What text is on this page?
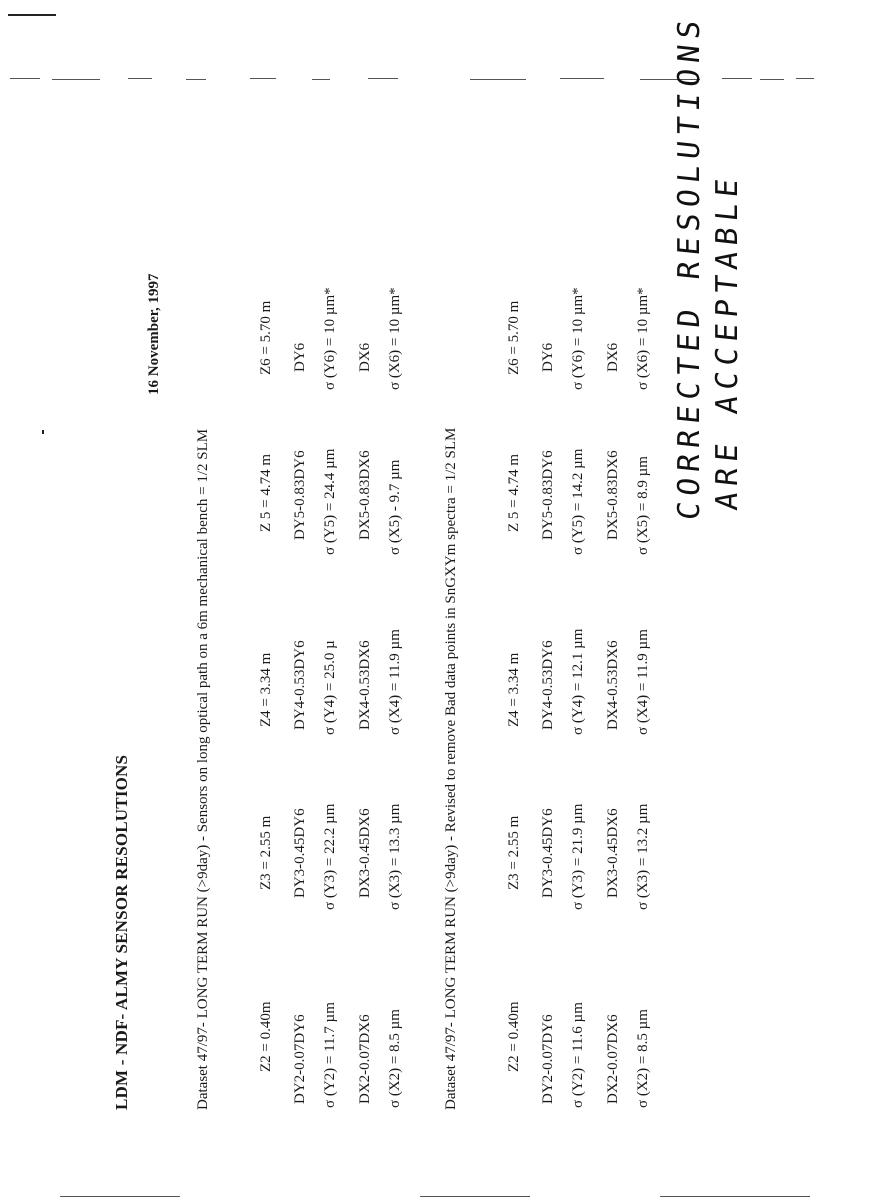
LDM - NDF- ALMY SENSOR RESOLUTIONS
16 November, 1997
Dataset 47/97- LONG TERM RUN (>9day) - Sensors on long optical path on a 6m mechanical bench = 1/2 SLM	Z2 = 0.40m
Z3 = 2.55 m
Z4 = 3.34 m
Z 5 = 4.74 m
Z6 = 5.70 m
DY2-0.07DY6
DY3-0.45DY6
DY4-0.53DY6
DY5-0.83DY6
DY6
σ (Y2) = 11.7 µm
σ (Y3) = 22.2 µm
σ (Y4) = 25.0 µ
σ (Y5) = 24.4 µm
σ (Y6) = 10 µm*
DX2-0.07DX6
DX3-0.45DX6
DX4-0.53DX6
DX5-0.83DX6
DX6
σ (X2) = 8.5 µm
σ (X3) = 13.3 µm
σ (X4) = 11.9 µm
σ (X5) - 9.7 µm
σ (X6) = 10 µm*
Dataset 47/97- LONG TERM RUN (>9day) - Revised to remove Bad data points in SnGXYm spectra = 1/2 SLM	Z2 = 0.40m
Z3 = 2.55 m
Z4 = 3.34 m
Z 5 = 4.74 m
Z6 = 5.70 m
DY2-0.07DY6
DY3-0.45DY6
DY4-0.53DY6
DY5-0.83DY6
DY6
σ (Y2) = 11.6 µm
σ (Y3) = 21.9 µm
σ (Y4) = 12.1 µm
σ (Y5) = 14.2 µm
σ (Y6) = 10 µm*
DX2-0.07DX6
DX3-0.45DX6
DX4-0.53DX6
DX5-0.83DX6
DX6
σ (X2) = 8.5 µm
σ (X3) = 13.2 µm
σ (X4) = 11.9 µm
σ (X5) = 8.9 µm
σ (X6) = 10 µm* CORRECTED RESOLUTIONS ARE ACCEPTABLE
